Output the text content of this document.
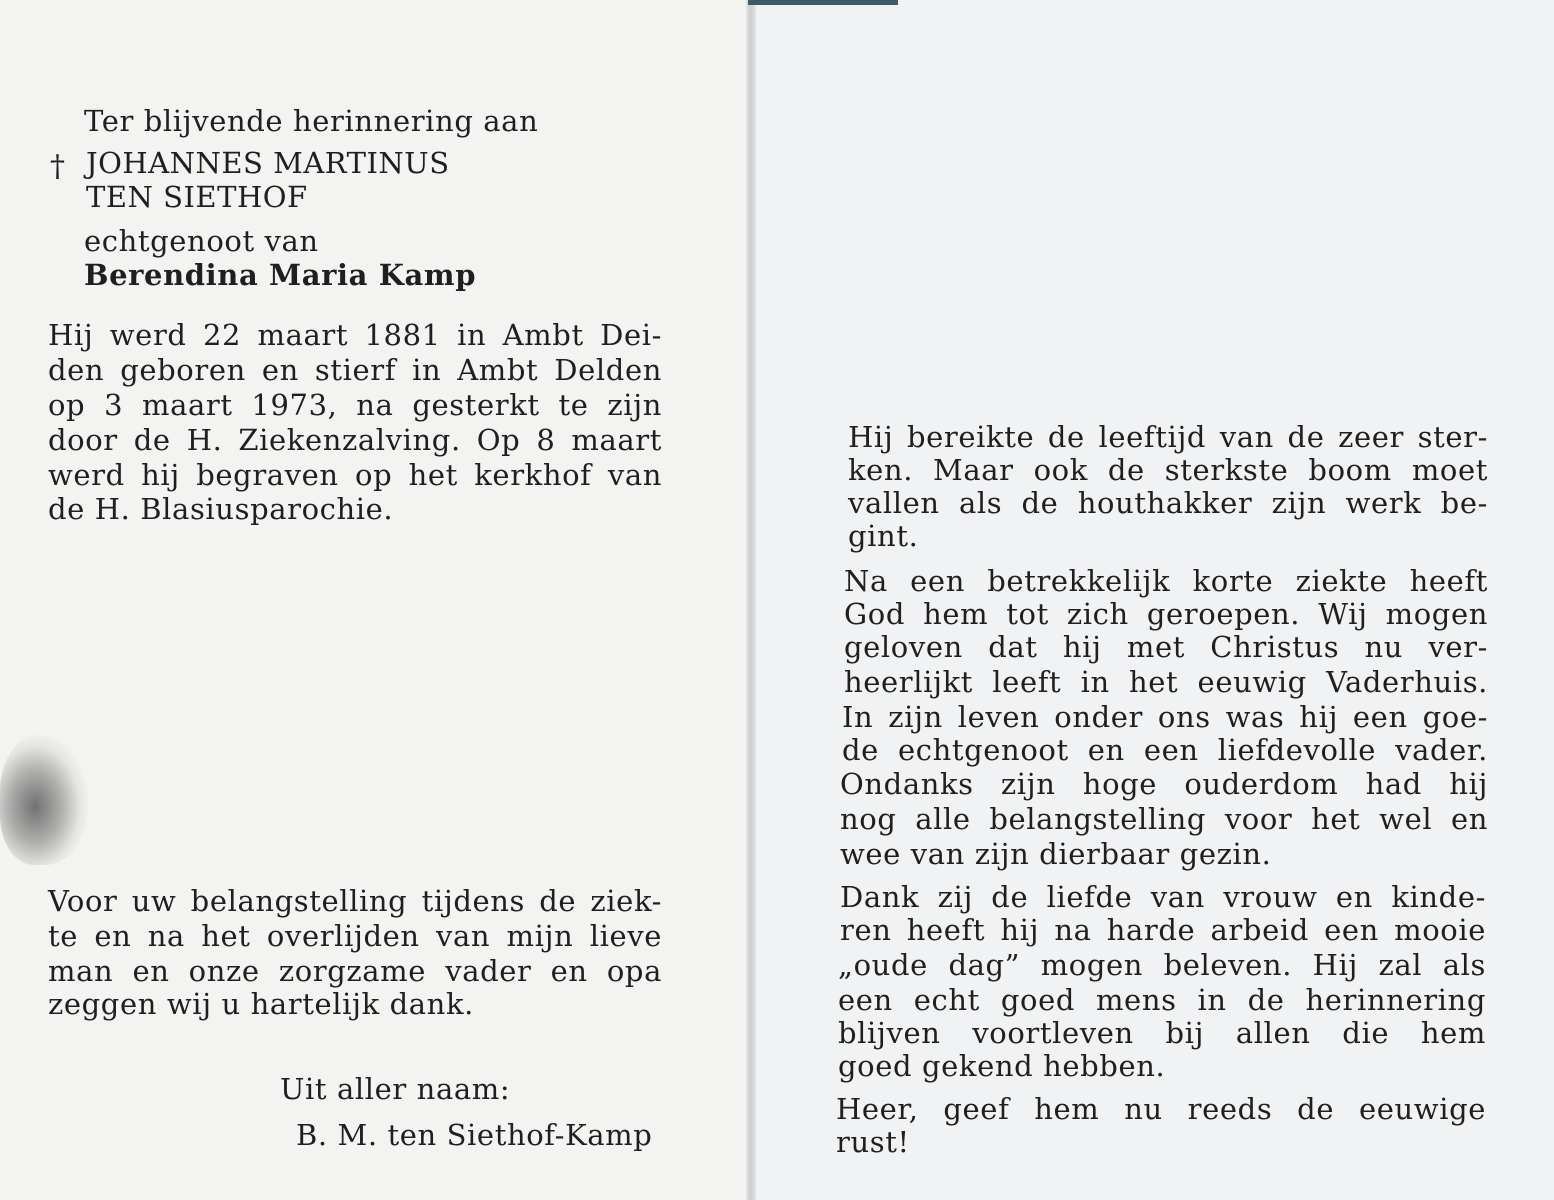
Ter blijvende herinnering aan

† JOHANNES MARTINUS

TEN SIETHOF

echtgenoot van

Berendina Maria Kamp

Hij werd 22 maart 1881 in Ambt Dei-

den geboren en stierf in Ambt Delden

op 3 maart 1973, na gesterkt te zijn

door de H. Ziekenzalving. Op 8 maart

werd hij begraven op het kerkhof van

de H. Blasiusparochie.

Voor uw belangstelling tijdens de ziek-

te en na het overlijden van mijn lieve

man en onze zorgzame vader en opa

zeggen wij u hartelijk dank.

Uit aller naam:

B. M. ten Siethof-Kamp

Hij bereikte de leeftijd van de zeer ster-

ken. Maar ook de sterkste boom moet

vallen als de houthakker zijn werk be-

gint.

Na een betrekkelijk korte ziekte heeft

God hem tot zich geroepen. Wij mogen

geloven dat hij met Christus nu ver-

heerlijkt leeft in het eeuwig Vaderhuis.

In zijn leven onder ons was hij een goe-

de echtgenoot en een liefdevolle vader.

Ondanks zijn hoge ouderdom had hij

nog alle belangstelling voor het wel en

wee van zijn dierbaar gezin.

Dank zij de liefde van vrouw en kinde-

ren heeft hij na harde arbeid een mooie

„oude dag” mogen beleven. Hij zal als

een echt goed mens in de herinnering

blijven voortleven bij allen die hem

goed gekend hebben.

Heer, geef hem nu reeds de eeuwige

rust!
